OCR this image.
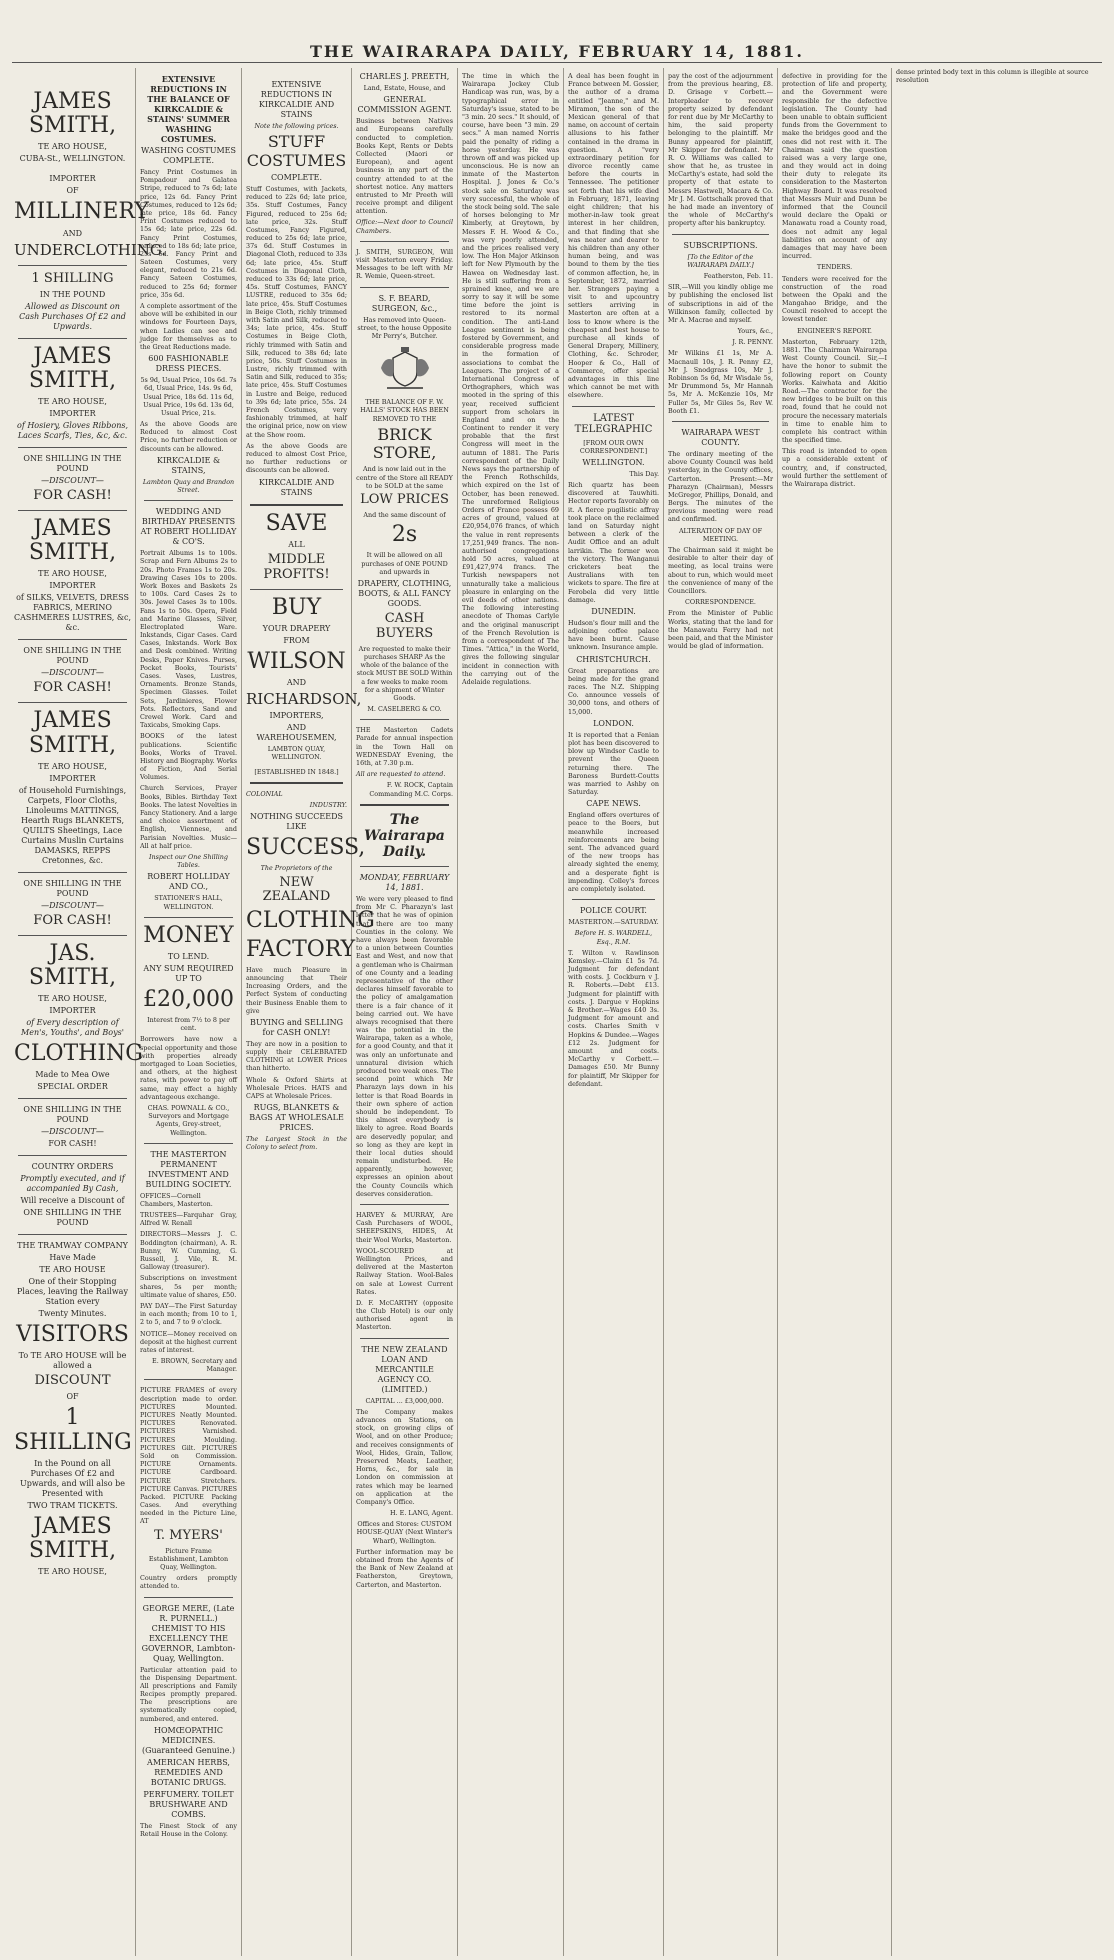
THE WAIRARAPA DAILY, FEBRUARY 14, 1881.
JAMES SMITH,
TE ARO HOUSE,
CUBA-St., WELLINGTON.
IMPORTER
OF
MILLINERY
AND
UNDERCLOTHING.
1 SHILLING
IN THE POUND
Allowed as Discount on Cash Purchases Of £2 and Upwards.
JAMES SMITH,
TE ARO HOUSE,
IMPORTER
of Hosiery, Gloves Ribbons, Laces Scarfs, Ties, &c, &c.
ONE SHILLING IN THE POUND
—DISCOUNT—
FOR CASH!
JAMES SMITH,
TE ARO HOUSE,
IMPORTER
of SILKS, VELVETS, DRESS FABRICS, MERINO CASHMERES LUSTRES, &c, &c.
ONE SHILLING IN THE POUND
—DISCOUNT—
FOR CASH!
JAMES SMITH,
TE ARO HOUSE,
IMPORTER
of Household Furnishings, Carpets, Floor Cloths, Linoleums MATTINGS, Hearth Rugs BLANKETS, QUILTS Sheetings, Lace Curtains Muslin Curtains DAMASKS, REPPS Cretonnes, &c.
ONE SHILLING IN THE POUND
—DISCOUNT—
FOR CASH!
JAS. SMITH,
TE ARO HOUSE,
IMPORTER
of Every description of Men's, Youths', and Boys'
CLOTHING
Made to Mea Owe
SPECIAL ORDER
ONE SHILLING IN THE POUND
—DISCOUNT—
FOR CASH!
COUNTRY ORDERS
Promptly executed, and if accompanied By Cash,
Will receive a Discount of
ONE SHILLING IN THE POUND
THE TRAMWAY COMPANY
Have Made
TE ARO HOUSE
One of their Stopping Places, leaving the Railway Station every
Twenty Minutes.
VISITORS
To TE ARO HOUSE will be allowed a
DISCOUNT
OF
1 SHILLING
In the Pound on all Purchases Of £2 and Upwards, and will also be Presented with
TWO TRAM TICKETS.
JAMES SMITH,
TE ARO HOUSE,
EXTENSIVE REDUCTIONS IN THE BALANCE OF KIRKCALDIE & STAINS' SUMMER WASHING COSTUMES.
WASHING COSTUMES COMPLETE.
Fancy Print Costumes in Pompadour and Galatea Stripe, reduced to 7s 6d; late price, 12s 6d. Fancy Print Costumes, reduced to 12s 6d; late price, 18s 6d. Fancy Print Costumes reduced to 15s 6d; late price, 22s 6d. Fancy Print Costumes, reduced to 18s 6d; late price, 25s 6d. Fancy Print and Sateen Costumes, very elegant, reduced to 21s 6d. Fancy Sateen Costumes, reduced to 25s 6d; former price, 35s 6d.
A complete assortment of the above will be exhibited in our windows for Fourteen Days, when Ladies can see and judge for themselves as to the Great Reductions made.
600 FASHIONABLE DRESS PIECES.
5s 9d, Usual Price, 10s 6d. 7s 6d, Usual Price, 14s. 9s 6d, Usual Price, 18s 6d. 11s 6d, Usual Price, 19s 6d. 13s 6d, Usual Price, 21s.
As the above Goods are Reduced to almost Cost Price, no further reduction or discounts can be allowed.
KIRKCALDIE & STAINS,
Lambton Quay and Brandon Street.
WEDDING AND BIRTHDAY PRESENTS AT ROBERT HOLLIDAY & CO'S.
Portrait Albums 1s to 100s. Scrap and Fern Albums 2s to 20s. Photo Frames 1s to 20s. Drawing Cases 10s to 200s. Work Boxes and Baskets 2s to 100s. Card Cases 2s to 30s. Jewel Cases 3s to 100s. Fans 1s to 50s. Opera, Field and Marine Glasses, Silver, Electroplated Ware. Inkstands, Cigar Cases. Card Cases, Inkstands. Work Box and Desk combined. Writing Desks, Paper Knives. Purses, Pocket Books, Tourists' Cases. Vases, Lustres, Ornaments. Bronze Stands, Specimen Glasses. Toilet Sets, Jardinieres, Flower Pots. Reflectors, Sand and Crewel Work. Card and Taxicabs, Smoking Caps.
BOOKS of the latest publications. Scientific Books, Works of Travel. History and Biography. Works of Fiction, And Serial Volumes.
Church Services, Prayer Books, Bibles. Birthday Text Books. The latest Novelties in Fancy Stationery. And a large and choice assortment of English, Viennese, and Parisian Novelties. Music—All at half price.
Inspect our One Shilling Tables.
ROBERT HOLLIDAY AND CO.,
STATIONER'S HALL, WELLINGTON.
MONEY
TO LEND.
ANY SUM REQUIRED UP TO
£20,000
Interest from 7½ to 8 per cent.
Borrowers have now a special opportunity and those with properties already mortgaged to Loan Societies, and others, at the highest rates, with power to pay off same, may effect a highly advantageous exchange.
CHAS. POWNALL & CO., Surveyors and Mortgage Agents, Grey-street, Wellington.
THE MASTERTON PERMANENT INVESTMENT AND BUILDING SOCIETY.
OFFICES—Cornell Chambers, Masterton.
TRUSTEES—Farquhar Gray, Alfred W. Renall
DIRECTORS—Messrs J. C. Boddington (chairman), A. R. Bunny, W. Cumming, G. Russell, J. Vile, R. M. Galloway (treasurer).
Subscriptions on investment shares, 5s per month; ultimate value of shares, £50.
PAY DAY—The First Saturday in each month; from 10 to 1, 2 to 5, and 7 to 9 o'clock.
NOTICE—Money received on deposit at the highest current rates of interest.
E. BROWN, Secretary and Manager.
PICTURE FRAMES of every description made to order. PICTURES Mounted. PICTURES Neatly Mounted. PICTURES Renovated. PICTURES Varnished. PICTURES Moulding. PICTURES Gilt. PICTURES Sold on Commission. PICTURE Ornaments. PICTURE Cardboard. PICTURE Stretchers. PICTURE Canvas. PICTURES Packed. PICTURE Packing Cases. And everything needed in the Picture Line, AT
T. MYERS'
Picture Frame Establishment, Lambton Quay, Wellington.
Country orders promptly attended to.
GEORGE MERE, (Late R. PURNELL.) CHEMIST TO HIS EXCELLENCY THE GOVERNOR, Lambton-Quay, Wellington.
Particular attention paid to the Dispensing Department. All prescriptions and Family Recipes promptly prepared. The prescriptions are systematically copied, numbered, and entered.
HOMŒOPATHIC MEDICINES. (Guaranteed Genuine.)
AMERICAN HERBS, REMEDIES AND BOTANIC DRUGS.
PERFUMERY. TOILET BRUSHWARE AND COMBS.
The Finest Stock of any Retail House in the Colony.
EXTENSIVE REDUCTIONS IN KIRKCALDIE AND STAINS
Note the following prices.
STUFF COSTUMES
COMPLETE.
Stuff Costumes, with Jackets, reduced to 22s 6d; late price, 35s. Stuff Costumes, Fancy Figured, reduced to 25s 6d; late price, 32s. Stuff Costumes, Fancy Figured, reduced to 25s 6d; late price, 37s 6d. Stuff Costumes in Diagonal Cloth, reduced to 33s 6d; late price, 45s. Stuff Costumes in Diagonal Cloth, reduced to 33s 6d; late price, 45s. Stuff Costumes, FANCY LUSTRE, reduced to 35s 6d; late price, 45s. Stuff Costumes in Beige Cloth, richly trimmed with Satin and Silk, reduced to 34s; late price, 45s. Stuff Costumes in Beige Cloth, richly trimmed with Satin and Silk, reduced to 38s 6d; late price, 50s. Stuff Costumes in Lustre, richly trimmed with Satin and Silk, reduced to 35s; late price, 45s. Stuff Costumes in Lustre and Beige, reduced to 39s 6d; late price, 55s. 24 French Costumes, very fashionably trimmed, at half the original price, now on view at the Show room.
As the above Goods are reduced to almost Cost Price, no further reductions or discounts can be allowed.
KIRKCALDIE AND STAINS
SAVE
ALL
MIDDLE PROFITS!
BUY
YOUR DRAPERY
FROM
WILSON
AND
RICHARDSON,
IMPORTERS,
AND WAREHOUSEMEN,
LAMBTON QUAY, WELLINGTON.
[ESTABLISHED IN 1848.]
COLONIAL
INDUSTRY.
NOTHING SUCCEEDS LIKE
SUCCESS,
The Proprietors of the
NEW ZEALAND
CLOTHING
FACTORY
Have much Pleasure in announcing that Their Increasing Orders, and the Perfect System of conducting their Business Enable them to give
BUYING and SELLING for CASH ONLY!
They are now in a position to supply their CELEBRATED CLOTHING at LOWER Prices than hitherto.
Whole & Oxford Shirts at Wholesale Prices. HATS and CAPS at Wholesale Prices.
RUGS, BLANKETS & BAGS AT WHOLESALE PRICES.
The Largest Stock in the Colony to select from.
CHARLES J. PREETH,
Land, Estate, House, and
GENERAL COMMISSION AGENT.
Business between Natives and Europeans carefully conducted to completion. Books Kept, Rents or Debts Collected (Maori or European), and agent business in any part of the country attended to at the shortest notice. Any matters entrusted to Mr Preeth will receive prompt and diligent attention.
Office:—Next door to Council Chambers.
J. SMITH, SURGEON, Will visit Masterton every Friday. Messages to be left with Mr R. Wemie, Queen-street.
S. F. BEARD, SURGEON, &c.,
Has removed into Queen-street, to the house Opposite Mr Perry's, Butcher.
THE BALANCE OF F. W. HALLS' STOCK HAS BEEN REMOVED TO THE
BRICK STORE,
And is now laid out in the centre of the Store all READY to be SOLD at the same
LOW PRICES
And the same discount of
2s
It will be allowed on all purchases of ONE POUND and upwards in
DRAPERY, CLOTHING, BOOTS, & ALL FANCY GOODS.
CASH BUYERS
Are requested to make their purchases SHARP As the whole of the balance of the stock MUST BE SOLD Within a few weeks to make room for a shipment of Winter Goods.
M. CASELBERG & CO.
THE Masterton Cadets Parade for annual inspection in the Town Hall on WEDNESDAY Evening, the 16th, at 7.30 p.m.
All are requested to attend.
F. W. ROCK, Captain Commanding M.C. Corps.
The Wairarapa Daily.
MONDAY, FEBRUARY 14, 1881.
We were very pleased to find from Mr C. Pharazyn's last letter that he was of opinion that there are too many Counties in the colony. We have always been favorable to a union between Counties East and West, and now that a gentleman who is Chairman of one County and a leading representative of the other declares himself favorable to the policy of amalgamation there is a fair chance of it being carried out. We have always recognised that there was the potential in the Wairarapa, taken as a whole, for a good County, and that it was only an unfortunate and unnatural division which produced two weak ones. The second point which Mr Pharazyn lays down in his letter is that Road Boards in their own sphere of action should be independent. To this almost everybody is likely to agree. Road Boards are deservedly popular, and so long as they are kept in their local duties should remain undisturbed. He apparently, however, expresses an opinion about the County Councils which deserves consideration.
HARVEY & MURRAY, Are Cash Purchasers of WOOL, SHEEPSKINS, HIDES, At their Wool Works, Masterton.
WOOL-SCOURED at Wellington Prices, and delivered at the Masterton Railway Station. Wool-Bales on sale at Lowest Current Rates.
D. F. McCARTHY (opposite the Club Hotel) is our only authorised agent in Masterton.
THE NEW ZEALAND LOAN AND MERCANTILE AGENCY CO. (LIMITED.)
CAPITAL ... £3,000,000.
The Company makes advances on Stations, on stock, on growing clips of Wool, and on other Produce; and receives consignments of Wool, Hides, Grain, Tallow, Preserved Meats, Leather, Horns, &c., for sale in London on commission at rates which may be learned on application at the Company's Office.
H. E. LANG, Agent.
Offices and Stores: CUSTOM HOUSE-QUAY (Next Winter's Wharf), Wellington.
Further information may be obtained from the Agents of the Bank of New Zealand at Featherston, Greytown, Carterton, and Masterton.
The time in which the Wairarapa Jockey Club Handicap was run, was, by a typographical error in Saturday's issue, stated to be "3 min. 20 secs." It should, of course, have been "3 min. 29 secs." A man named Norris paid the penalty of riding a horse yesterday. He was thrown off and was picked up unconscious. He is now an inmate of the Masterton Hospital. J. Jones & Co.'s stock sale on Saturday was very successful, the whole of the stock being sold. The sale of horses belonging to Mr Kimberly, at Greytown, by Messrs F. H. Wood & Co., was very poorly attended, and the prices realised very low. The Hon Major Atkinson left for New Plymouth by the Hawea on Wednesday last. He is still suffering from a sprained knee, and we are sorry to say it will be some time before the joint is restored to its normal condition. The anti-Land League sentiment is being fostered by Government, and considerable progress made in the formation of associations to combat the Leaguers. The project of a International Congress of Orthographers, which was mooted in the spring of this year, received sufficient support from scholars in England and on the Continent to render it very probable that the first Congress will meet in the autumn of 1881. The Paris correspondent of the Daily News says the partnership of the French Rothschilds, which expired on the 1st of October, has been renewed. The unreformed Religious Orders of France possess 69 acres of ground, valued at £20,954,076 francs, of which the value in rent represents 17,251,949 francs. The non-authorised congregations hold 50 acres, valued at £91,427,974 francs. The Turkish newspapers not unnaturally take a malicious pleasure in enlarging on the evil deeds of other nations. The following interesting anecdote of Thomas Carlyle and the original manuscript of the French Revolution is from a correspondent of The Times. "Attica," in the World, gives the following singular incident in connection with the carrying out of the Adelaide regulations.
A deal has been fought in France between M. Gossier, the author of a drama entitled "Jeanne," and M. Miramon, the son of the Mexican general of that name, on account of certain allusions to his father contained in the drama in question. A "very extraordinary petition for divorce recently came before the courts in Tennessee. The petitioner set forth that his wife died in February, 1871, leaving eight children; that his mother-in-law took great interest in her children, and that finding that she was neater and dearer to his children than any other human being, and was bound to them by the ties of common affection, he, in September, 1872, married her. Strangers paying a visit to and upcountry settlers arriving in Masterton are often at a loss to know where is the cheapest and best house to purchase all kinds of General Drapery, Millinery, Clothing, &c. Schroder, Hooper & Co., Hall of Commerce, offer special advantages in this line which cannot be met with elsewhere.
LATEST TELEGRAPHIC
[FROM OUR OWN CORRESPONDENT.]
WELLINGTON.
This Day.
Rich quartz has been discovered at Tauwhiti. Hector reports favorably on it. A fierce pugilistic affray took place on the reclaimed land on Saturday night between a clerk of the Audit Office and an adult larrikin. The former won the victory. The Wanganui cricketers beat the Australians with ten wickets to spare. The fire at Ferobela did very little damage.
DUNEDIN.
Hudson's flour mill and the adjoining coffee palace have been burnt. Cause unknown. Insurance ample.
CHRISTCHURCH.
Great preparations are being made for the grand races. The N.Z. Shipping Co. announce vessels of 30,000 tons, and others of 15,000.
LONDON.
It is reported that a Fenian plot has been discovered to blow up Windsor Castle to prevent the Queen returning there. The Baroness Burdett-Coutts was married to Ashby on Saturday.
CAPE NEWS.
England offers overtures of peace to the Boers, but meanwhile increased reinforcements are being sent. The advanced guard of the new troops has already sighted the enemy, and a desperate fight is impending. Colley's forces are completely isolated.
POLICE COURT.
MASTERTON.—SATURDAY.
Before H. S. WARDELL, Esq., R.M.
T. Wilton v. Rawlinson Kemsley.—Claim £1 5s 7d. Judgment for defendant with costs. J. Cockburn v J. R. Roberts.—Debt £13. Judgment for plaintiff with costs. J. Dargue v Hopkins & Brother.—Wages £40 3s. Judgment for amount and costs. Charles Smith v Hopkins & Dundee.—Wages £12 2s. Judgment for amount and costs. McCarthy v Corbett.—Damages £50. Mr Bunny for plaintiff, Mr Skipper for defendant.
pay the cost of the adjournment from the previous hearing, £8. D. Grisage v Corbett.—Interpleader to recover property seized by defendant for rent due by Mr McCarthy to him, the said property belonging to the plaintiff. Mr Bunny appeared for plaintiff, Mr Skipper for defendant. Mr R. O. Williams was called to show that he, as trustee in McCarthy's estate, had sold the property of that estate to Messrs Hastwell, Macara & Co. Mr J. M. Gottschalk proved that he had made an inventory of the whole of McCarthy's property after his bankruptcy.
SUBSCRIPTIONS.
[To the Editor of the WAIRARAPA DAILY.]
Featherston, Feb. 11.
SIR,—Will you kindly oblige me by publishing the enclosed list of subscriptions in aid of the Wilkinson family, collected by Mr A. Macrae and myself.
Yours, &c.,
J. R. PENNY.
Mr Wilkins £1 1s, Mr A. Macnaull 10s, J. R. Penny £2, Mr J. Snodgrass 10s, Mr J. Robinson 5s 6d, Mr Wisdale 5s, Mr Drummond 5s, Mr Hannah 5s, Mr A. McKenzie 10s, Mr Fuller 5s, Mr Giles 5s, Rev W. Booth £1.
WAIRARAPA WEST COUNTY.
The ordinary meeting of the above County Council was held yesterday, in the County offices, Carterton. Present:—Mr Pharazyn (Chairman), Messrs McGregor, Phillips, Donald, and Bergs. The minutes of the previous meeting were read and confirmed.
ALTERATION OF DAY OF MEETING.
The Chairman said it might be desirable to alter their day of meeting, as local trains were about to run, which would meet the convenience of many of the Councillors.
CORRESPONDENCE.
From the Minister of Public Works, stating that the land for the Manawatu Ferry had not been paid, and that the Minister would be glad of information.
defective in providing for the protection of life and property, and the Government were responsible for the defective legislation. The County had been unable to obtain sufficient funds from the Government to make the bridges good and the ones did not rest with it. The Chairman said the question raised was a very large one, and they would act in doing their duty to relegate its consideration to the Masterton Highway Board. It was resolved that Messrs Muir and Dunn be informed that the Council would declare the Opaki or Manawatu road a County road, does not admit any legal liabilities on account of any damages that may have been incurred.
TENDERS.
Tenders were received for the construction of the road between the Opaki and the Mangahao Bridge, and the Council resolved to accept the lowest tender.
ENGINEER'S REPORT.
Masterton, February 12th, 1881. The Chairman Wairarapa West County Council. Sir,—I have the honor to submit the following report on County Works. Kaiwhata and Akitio Road.—The contractor for the new bridges to be built on this road, found that he could not procure the necessary materials in time to enable him to complete his contract within the specified time.
This road is intended to open up a considerable extent of country, and, if constructed, would further the settlement of the Wairarapa district.
dense printed body text in this column is illegible at source resolution
